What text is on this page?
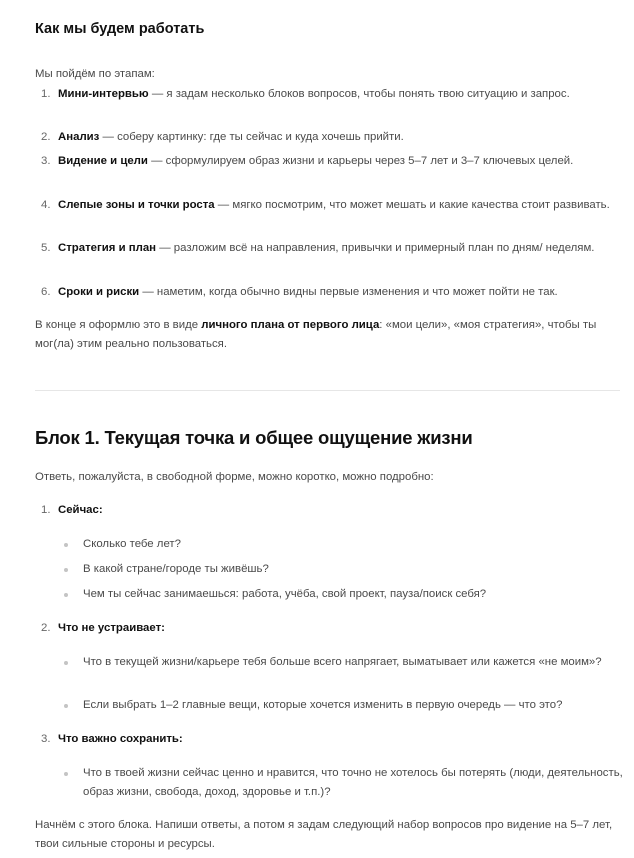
Как мы будем работать
Мы пойдём по этапам:
1. Мини-интервью — я задам несколько блоков вопросов, чтобы понять твою ситуацию и запрос.
2. Анализ — соберу картинку: где ты сейчас и куда хочешь прийти.
3. Видение и цели — сформулируем образ жизни и карьеры через 5–7 лет и 3–7 ключевых целей.
4. Слепые зоны и точки роста — мягко посмотрим, что может мешать и какие качества стоит развивать.
5. Стратегия и план — разложим всё на направления, привычки и примерный план по дням/ неделям.
6. Сроки и риски — наметим, когда обычно видны первые изменения и что может пойти не так.
В конце я оформлю это в виде личного плана от первого лица: «мои цели», «моя стратегия», чтобы ты мог(ла) этим реально пользоваться.
Блок 1. Текущая точка и общее ощущение жизни
Ответь, пожалуйста, в свободной форме, можно коротко, можно подробно:
1. Сейчас:
Сколько тебе лет?
В какой стране/городе ты живёшь?
Чем ты сейчас занимаешься: работа, учёба, свой проект, пауза/поиск себя?
2. Что не устраивает:
Что в текущей жизни/карьере тебя больше всего напрягает, выматывает или кажется «не моим»?
Если выбрать 1–2 главные вещи, которые хочется изменить в первую очередь — что это?
3. Что важно сохранить:
Что в твоей жизни сейчас ценно и нравится, что точно не хотелось бы потерять (люди, деятельность, образ жизни, свобода, доход, здоровье и т.п.)?
Начнём с этого блока. Напиши ответы, а потом я задам следующий набор вопросов про видение на 5–7 лет, твои сильные стороны и ресурсы.
